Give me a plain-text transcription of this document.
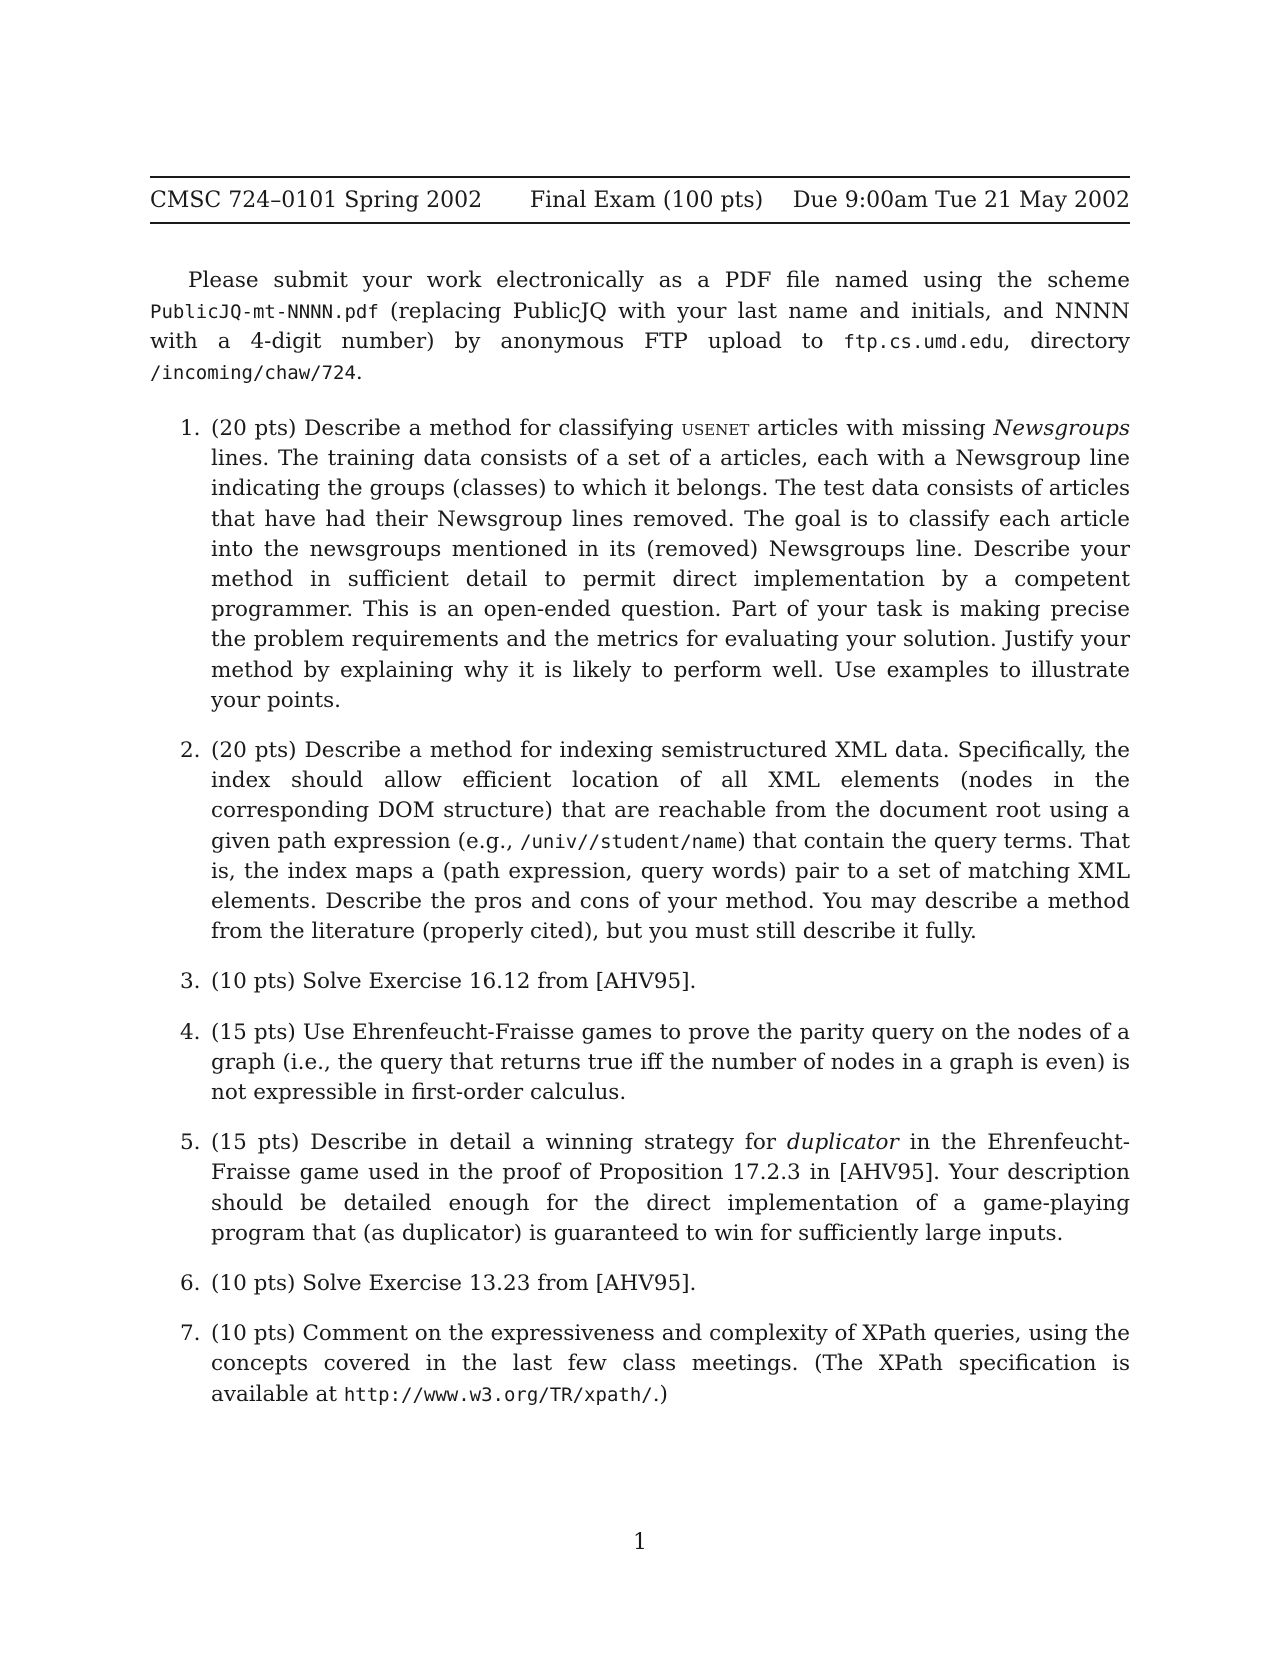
CMSC 724–0101 Spring 2002 Final Exam (100 pts) Due 9:00am Tue 21 May 2002

Please submit your work electronically as a PDF file named using the scheme PublicJQ-mt-NNNN.pdf (replacing PublicJQ with your last name and initials, and NNNN with a 4-digit number) by anonymous FTP upload to ftp.cs.umd.edu, directory /incoming/chaw/724.

1. (20 pts) Describe a method for classifying usenet articles with missing Newsgroups lines. The training data consists of a set of a articles, each with a Newsgroup line indicating the groups (classes) to which it belongs. The test data consists of articles that have had their Newsgroup lines removed. The goal is to classify each article into the newsgroups mentioned in its (removed) Newsgroups line. Describe your method in sufficient detail to permit direct implementation by a competent programmer. This is an open-ended question. Part of your task is making precise the problem requirements and the metrics for evaluating your solution. Justify your method by explaining why it is likely to perform well. Use examples to illustrate your points.
2. (20 pts) Describe a method for indexing semistructured XML data. Specifically, the index should allow efficient location of all XML elements (nodes in the corresponding DOM structure) that are reachable from the document root using a given path expression (e.g., /univ//student/name) that contain the query terms. That is, the index maps a (path expression, query words) pair to a set of matching XML elements. Describe the pros and cons of your method. You may describe a method from the literature (properly cited), but you must still describe it fully.
3. (10 pts) Solve Exercise 16.12 from [AHV95].
4. (15 pts) Use Ehrenfeucht-Fraisse games to prove the parity query on the nodes of a graph (i.e., the query that returns true iff the number of nodes in a graph is even) is not expressible in first-order calculus.
5. (15 pts) Describe in detail a winning strategy for duplicator in the Ehrenfeucht-Fraisse game used in the proof of Proposition 17.2.3 in [AHV95]. Your description should be detailed enough for the direct implementation of a game-playing program that (as duplicator) is guaranteed to win for sufficiently large inputs.
6. (10 pts) Solve Exercise 13.23 from [AHV95].
7. (10 pts) Comment on the expressiveness and complexity of XPath queries, using the concepts covered in the last few class meetings. (The XPath specification is available at http://www.w3.org/TR/xpath/.)
1
